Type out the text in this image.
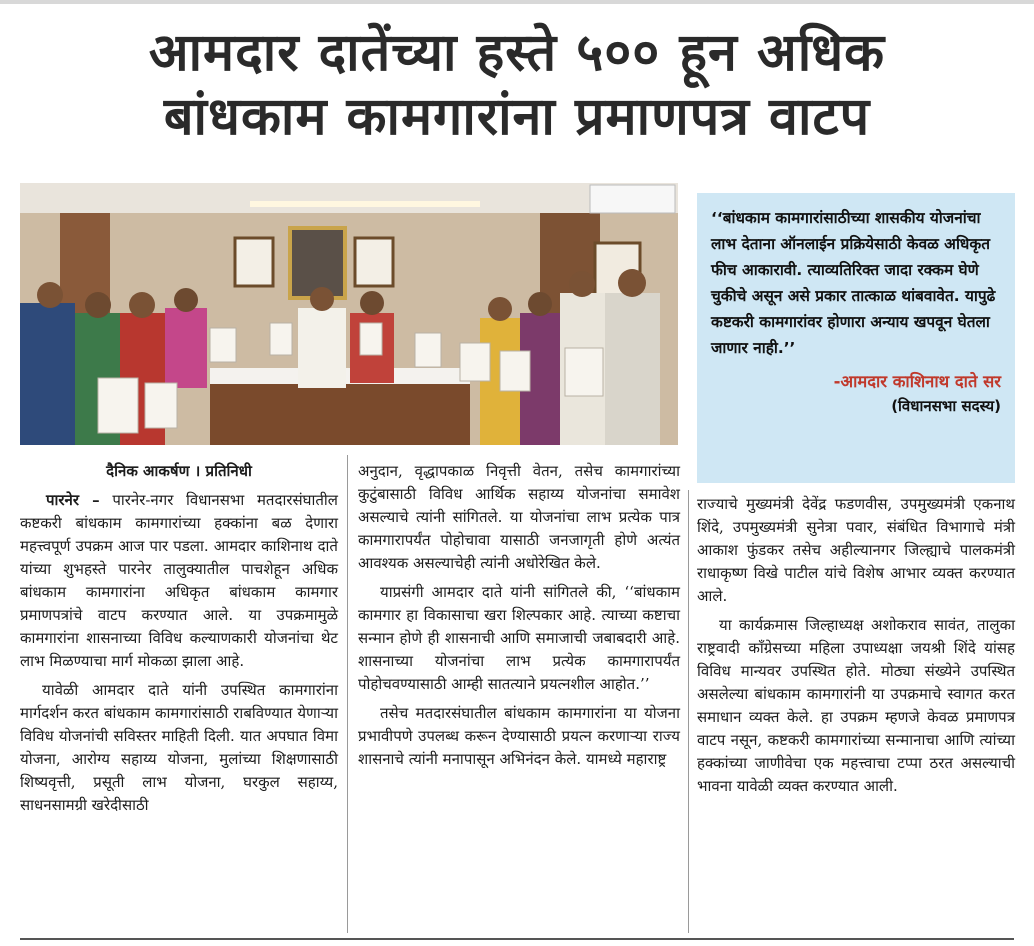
आमदार दातेंच्या हस्ते ५०० हून अधिक
बांधकाम कामगारांना प्रमाणपत्र वाटप

‘‘बांधकाम कामगारांसाठीच्या शासकीय योजनांचा लाभ देताना ऑनलाईन प्रक्रियेसाठी केवळ अधिकृत फीच आकारावी. त्याव्यतिरिक्त जादा रक्कम घेणे चुकीचे असून असे प्रकार तात्काळ थांबवावेत. यापुढे कष्टकरी कामगारांवर होणारा अन्याय खपवून घेतला जाणार नाही.’’

-आमदार काशिनाथ दाते सर
(विधानसभा सदस्य)
दैनिक आकर्षण । प्रतिनिधी

पारनेर – पारनेर-नगर विधानसभा मतदारसंघातील कष्टकरी बांधकाम कामगारांच्या हक्कांना बळ देणारा महत्त्वपूर्ण उपक्रम आज पार पडला. आमदार काशिनाथ दाते यांच्या शुभहस्ते पारनेर तालुक्यातील पाचशेहून अधिक बांधकाम कामगारांना अधिकृत बांधकाम कामगार प्रमाणपत्रांचे वाटप करण्यात आले. या उपक्रमामुळे कामगारांना शासनाच्या विविध कल्याणकारी योजनांचा थेट लाभ मिळण्याचा मार्ग मोकळा झाला आहे.

यावेळी आमदार दाते यांनी उपस्थित कामगारांना मार्गदर्शन करत बांधकाम कामगारांसाठी राबविण्यात येणाऱ्या विविध योजनांची सविस्तर माहिती दिली. यात अपघात विमा योजना, आरोग्य सहाय्य योजना, मुलांच्या शिक्षणासाठी शिष्यवृत्ती, प्रसूती लाभ योजना, घरकुल सहाय्य, साधनसामग्री खरेदीसाठी

अनुदान, वृद्धापकाळ निवृत्ती वेतन, तसेच कामगारांच्या कुटुंबासाठी विविध आर्थिक सहाय्य योजनांचा समावेश असल्याचे त्यांनी सांगितले. या योजनांचा लाभ प्रत्येक पात्र कामगारापर्यंत पोहोचावा यासाठी जनजागृती होणे अत्यंत आवश्यक असल्याचेही त्यांनी अधोरेखित केले.

याप्रसंगी आमदार दाते यांनी सांगितले की, ‘‘बांधकाम कामगार हा विकासाचा खरा शिल्पकार आहे. त्याच्या कष्टाचा सन्मान होणे ही शासनाची आणि समाजाची जबाबदारी आहे. शासनाच्या योजनांचा लाभ प्रत्येक कामगारापर्यंत पोहोचवण्यासाठी आम्ही सातत्याने प्रयत्नशील आहोत.’’

तसेच मतदारसंघातील बांधकाम कामगारांना या योजना प्रभावीपणे उपलब्ध करून देण्यासाठी प्रयत्न करणाऱ्या राज्य शासनाचे त्यांनी मनापासून अभिनंदन केले. यामध्ये महाराष्ट्र

राज्याचे मुख्यमंत्री देवेंद्र फडणवीस, उपमुख्यमंत्री एकनाथ शिंदे, उपमुख्यमंत्री सुनेत्रा पवार, संबंधित विभागाचे मंत्री आकाश फुंडकर तसेच अहील्यानगर जिल्ह्याचे पालकमंत्री राधाकृष्ण विखे पाटील यांचे विशेष आभार व्यक्त करण्यात आले.

या कार्यक्रमास जिल्हाध्यक्ष अशोकराव सावंत, तालुका राष्ट्रवादी काँग्रेसच्या महिला उपाध्यक्षा जयश्री शिंदे यांसह विविध मान्यवर उपस्थित होते. मोठ्या संख्येने उपस्थित असलेल्या बांधकाम कामगारांनी या उपक्रमाचे स्वागत करत समाधान व्यक्त केले. हा उपक्रम म्हणजे केवळ प्रमाणपत्र वाटप नसून, कष्टकरी कामगारांच्या सन्मानाचा आणि त्यांच्या हक्कांच्या जाणीवेचा एक महत्त्वाचा टप्पा ठरत असल्याची भावना यावेळी व्यक्त करण्यात आली.
